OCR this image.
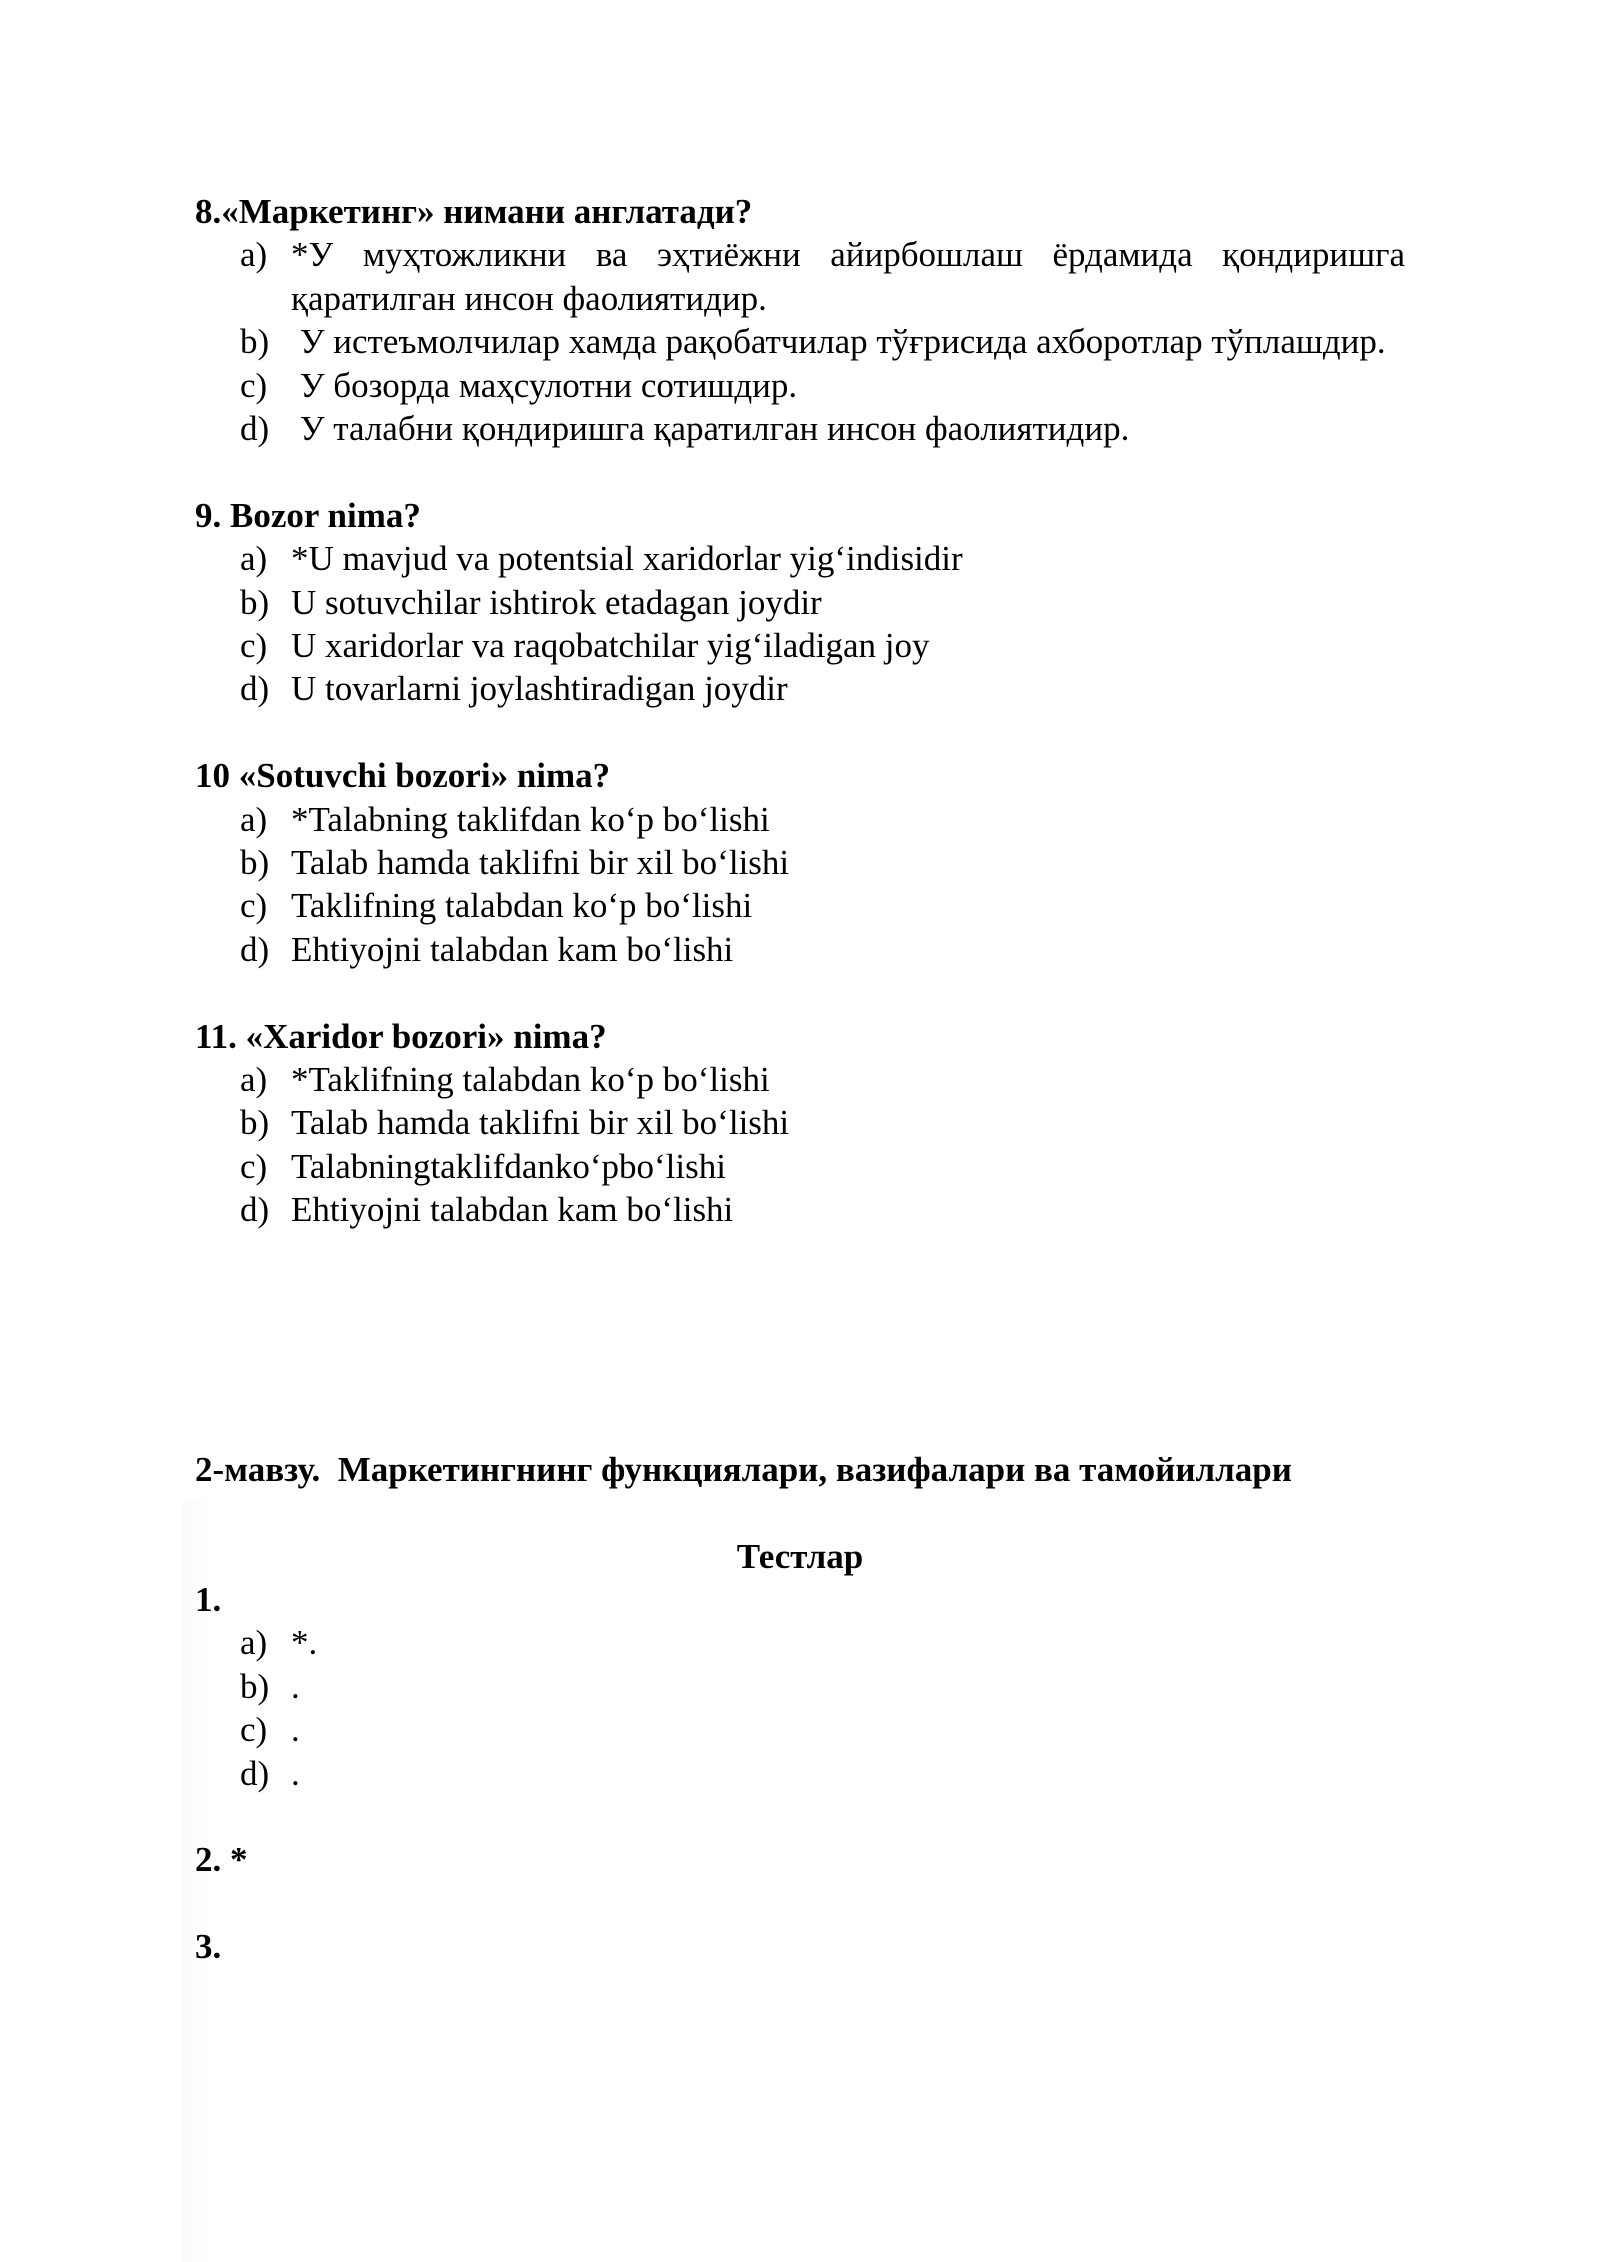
8.«Маркетинг» нимани англатади?

a) *У муҳтожликни ва эҳтиёжни айирбошлаш ёрдамида қондиришга қаратилган инсон фаолиятидир.
b) У истеъмолчилар хамда рақобатчилар тўғрисида ахборотлар тўплашдир.
c) У бозорда маҳсулотни сотишдир.
d) У талабни қондиришга қаратилган инсон фаолиятидир.

9. Bozor nima?

a) *U mavjud va potentsial xaridorlar yig‘indisidir
b) U sotuvchilar ishtirok etadagan joydir
c) U xaridorlar va raqobatchilar yig‘iladigan joy
d) U tovarlarni joylashtiradigan joydir

10 «Sotuvchi bozori» nima?

a) *Talabning taklifdan ko‘p bo‘lishi
b) Talab hamda taklifni bir xil bo‘lishi
c) Taklifning talabdan ko‘p bo‘lishi
d) Ehtiyojni talabdan kam bo‘lishi

11. «Xaridor bozori» nima?

a) *Taklifning talabdan ko‘p bo‘lishi
b) Talab hamda taklifni bir xil bo‘lishi
c) Talabningtaklifdanko‘pbo‘lishi
d) Ehtiyojni talabdan kam bo‘lishi

2-мавзу.  Маркетингнинг функциялари, вазифалари ва тамойиллари

Тестлар

1.

a) *.
b) .
c) .
d) .

2. *

3.
